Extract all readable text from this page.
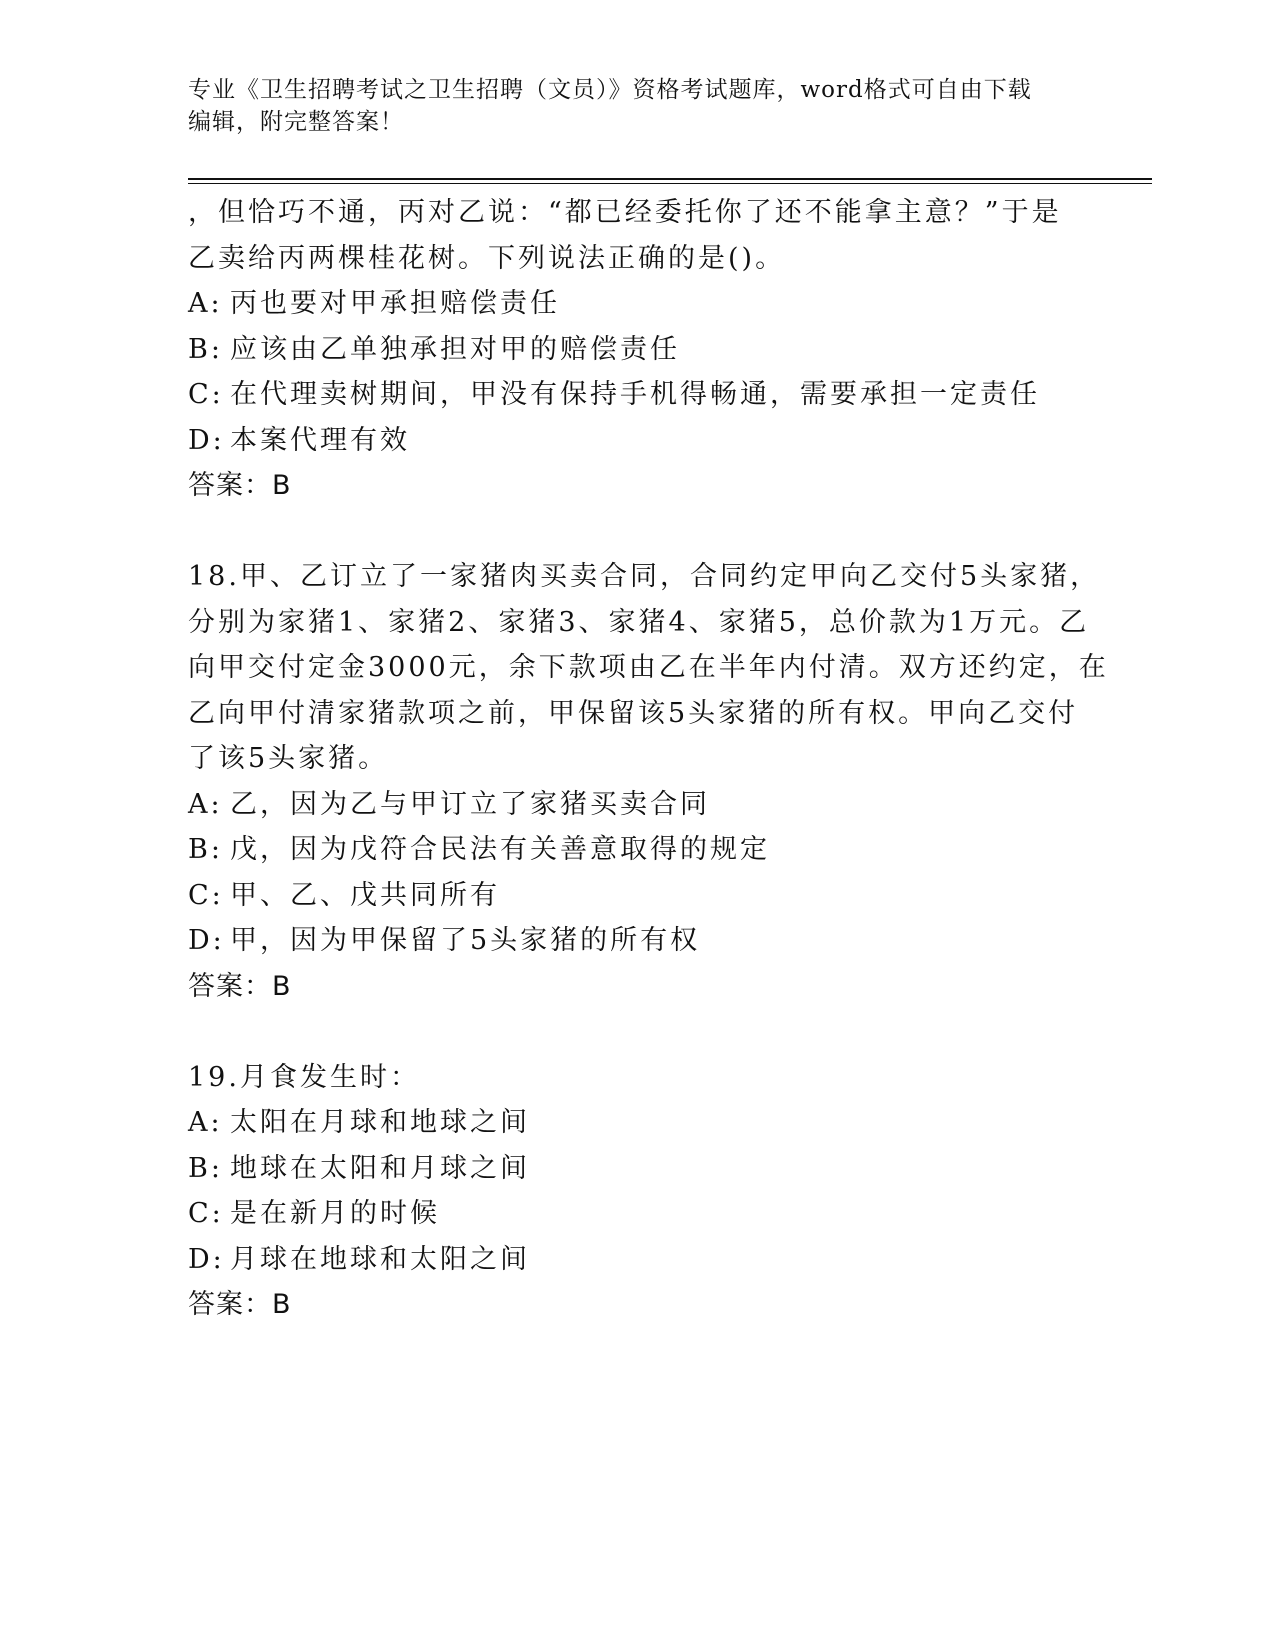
专业《卫生招聘考试之卫生招聘（文员）》资格考试题库，word格式可自由下载
编辑，附完整答案！
，但恰巧不通，丙对乙说：“都已经委托你了还不能拿主意？”于是
乙卖给丙两棵桂花树。下列说法正确的是()。
A: 丙也要对甲承担赔偿责任
B: 应该由乙单独承担对甲的赔偿责任
C: 在代理卖树期间，甲没有保持手机得畅通，需要承担一定责任
D: 本案代理有效
答案：B
18.甲、乙订立了一家猪肉买卖合同，合同约定甲向乙交付5头家猪，
分别为家猪1、家猪2、家猪3、家猪4、家猪5，总价款为1万元。乙
向甲交付定金3000元，余下款项由乙在半年内付清。双方还约定，在
乙向甲付清家猪款项之前，甲保留该5头家猪的所有权。甲向乙交付
了该5头家猪。
A: 乙，因为乙与甲订立了家猪买卖合同
B: 戊，因为戊符合民法有关善意取得的规定
C: 甲、乙、戊共同所有
D: 甲，因为甲保留了5头家猪的所有权
答案：B
19.月食发生时：
A: 太阳在月球和地球之间
B: 地球在太阳和月球之间
C: 是在新月的时候
D: 月球在地球和太阳之间
答案：B
